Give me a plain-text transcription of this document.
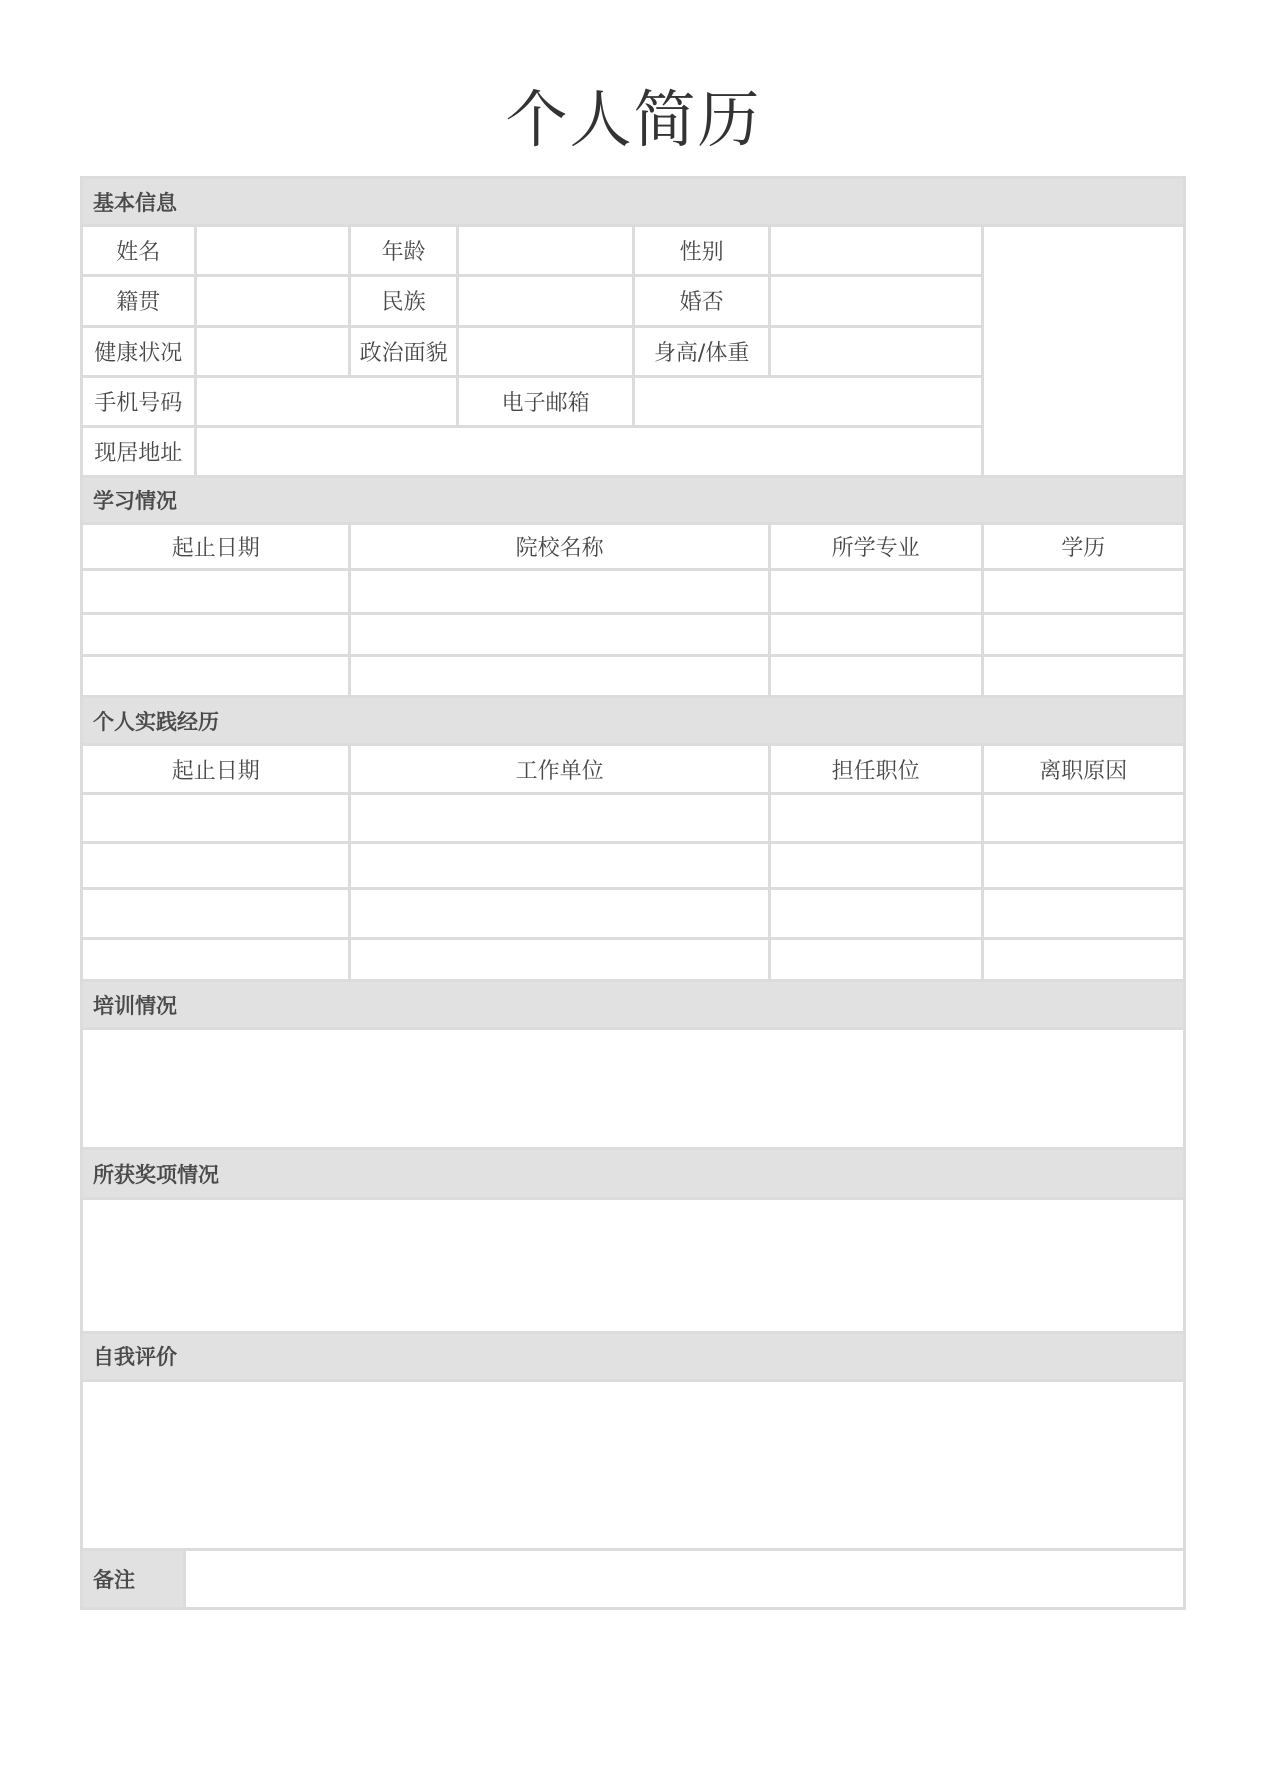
个人简历
基本信息							
姓名			年龄		性别		
籍贯			民族		婚否		
健康状况			政治面貌		身高/体重		
手机号码				电子邮箱			
现居地址							
学习情况							
起止日期			院校名称			所学专业	学历

个人实践经历							
起止日期			工作单位			担任职位	离职原因

培训情况							

所获奖项情况							

自我评价							

备注							
